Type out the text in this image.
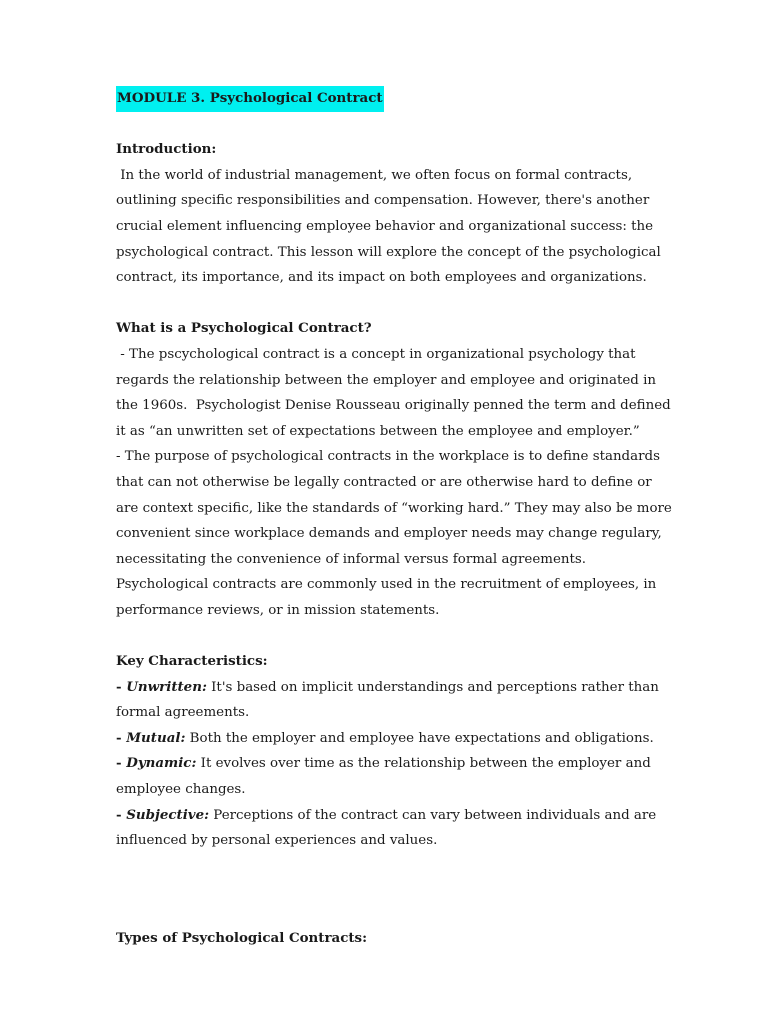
MODULE 3. Psychological Contract
Introduction:
In the world of industrial management, we often focus on formal contracts,
outlining specific responsibilities and compensation. However, there's another
crucial element influencing employee behavior and organizational success: the
psychological contract. This lesson will explore the concept of the psychological
contract, its importance, and its impact on both employees and organizations.
What is a Psychological Contract?
- The pscychological contract is a concept in organizational psychology that
regards the relationship between the employer and employee and originated in
the 1960s.  Psychologist Denise Rousseau originally penned the term and defined
it as “an unwritten set of expectations between the employee and employer.”
- The purpose of psychological contracts in the workplace is to define standards
that can not otherwise be legally contracted or are otherwise hard to define or
are context specific, like the standards of “working hard.” They may also be more
convenient since workplace demands and employer needs may change regulary,
necessitating the convenience of informal versus formal agreements.
Psychological contracts are commonly used in the recruitment of employees, in
performance reviews, or in mission statements.
Key Characteristics:
- Unwritten: It's based on implicit understandings and perceptions rather than
formal agreements.
- Mutual: Both the employer and employee have expectations and obligations.
- Dynamic: It evolves over time as the relationship between the employer and
employee changes.
- Subjective: Perceptions of the contract can vary between individuals and are
influenced by personal experiences and values.
Types of Psychological Contracts:
